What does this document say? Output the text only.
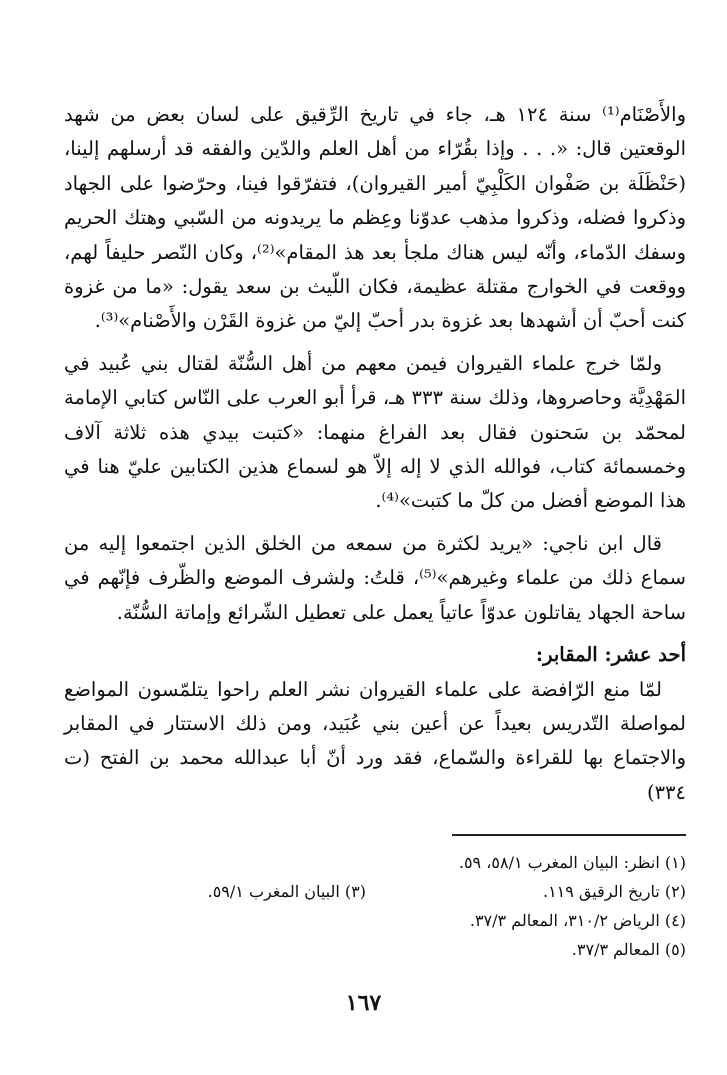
والأَصْنَام⁽¹⁾ سنة ١٢٤ هـ، جاء في تاريخ الرِّقيق على لسان بعض من شهد الوقعتين قال: «. . . وإذا بقُرّاء من أهل العلم والدّين والفقه قد أرسلهم إلينا، (حَنْظَلَة بن صَفْوان الكَلْبِيّ أمير القيروان)، فتفرّقوا فينا، وحرّضوا على الجهاد وذكروا فضله، وذكروا مذهب عدوّنا وعِظم ما يريدونه من السّبي وهتك الحريم وسفك الدّماء، وأنّه ليس هناك ملجأ بعد هذ المقام»⁽²⁾، وكان النّصر حليفاً لهم، ووقعت في الخوارج مقتلة عظيمة، فكان اللّيث بن سعد يقول: «ما من غزوة كنت أحبّ أن أشهدها بعد غزوة بدر أحبّ إليّ من غزوة القَرْن والأَصْنام»⁽³⁾.

ولمّا خرج علماء القيروان فيمن معهم من أهل السُّنّة لقتال بني عُبيد في المَهْدِيَّة وحاصروها، وذلك سنة ٣٣٣ هـ، قرأ أبو العرب على النّاس كتابي الإمامة لمحمّد بن سَحنون فقال بعد الفراغ منهما: «كتبت بيدي هذه ثلاثة آلاف وخمسمائة كتاب، فوالله الذي لا إله إلاّ هو لسماع هذين الكتابين عليّ هنا في هذا الموضع أفضل من كلّ ما كتبت»⁽⁴⁾.

قال ابن ناجي: «يريد لكثرة من سمعه من الخلق الذين اجتمعوا إليه من سماع ذلك من علماء وغيرهم»⁽⁵⁾، قلتُ: ولشرف الموضع والظّرف فإنّهم في ساحة الجهاد يقاتلون عدوّاً عاتياً يعمل على تعطيل الشّرائع وإماتة السُّنّة.

أحد عشر: المقابر:

لمّا منع الرّافضة على علماء القيروان نشر العلم راحوا يتلمّسون المواضع لمواصلة التّدريس بعيداً عن أعين بني عُبَيد، ومن ذلك الاستتار في المقابر والاجتماع بها للقراءة والسّماع، فقد ورد أنّ أبا عبدالله محمد بن الفتح (ت ٣٣٤)

(١) انظر: البيان المغرب ٥٨/١، ٥٩.
(٢) تاريخ الرقيق ١١٩.
(٣) البيان المغرب ٥٩/١.
(٤) الرياض ٣١٠/٢، المعالم ٣٧/٣.
(٥) المعالم ٣٧/٣.
١٦٧
